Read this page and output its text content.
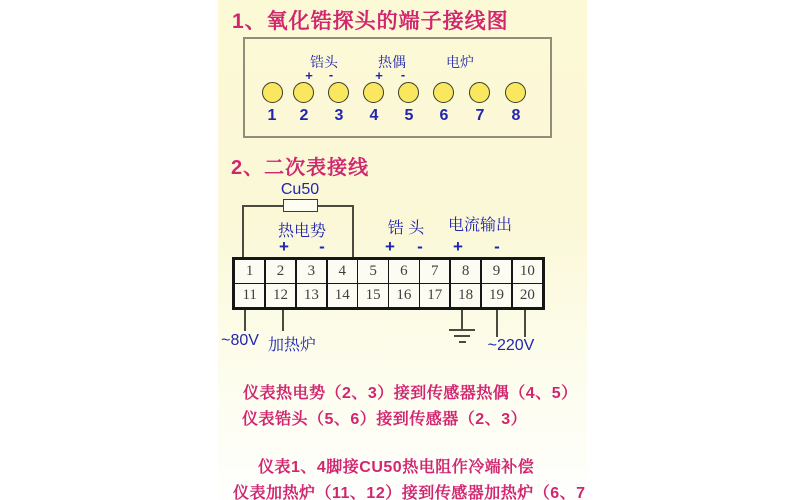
1、氧化锆探头的端子接线图
锆头	热偶	电炉
+ -	+ -
1 2 3 4 5 6 7 8
2、二次表接线
Cu50
热电势
+ -
锆 头
+ -
电流输出
+ -
1	2	3	4	5	6	7	8	9	10
11	12	13	14	15	16	17	18	19	20
~80V 加热炉	~220V
仪表热电势（2、3）接到传感器热偶（4、5）
仪表锆头（5、6）接到传感器（2、3）
仪表1、4脚接CU50热电阻作冷端补偿
仪表加热炉（11、12）接到传感器加热炉（6、7
